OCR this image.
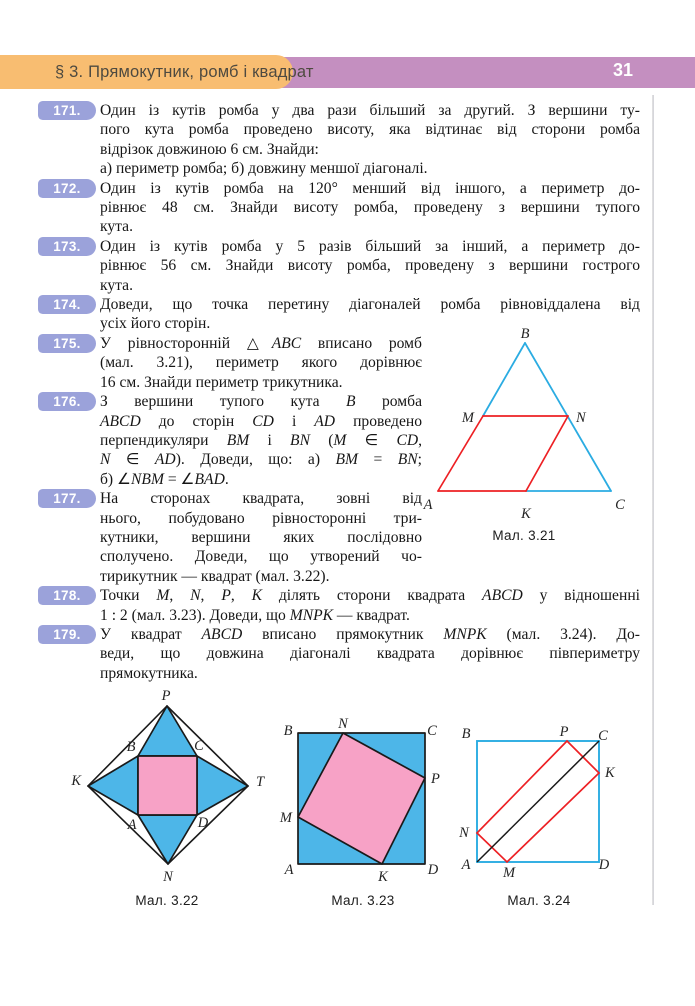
§ 3. Прямокутник, ромб і квадрат	31
171. Один із кутів ромба у два рази більший за другий. З вершини ту-
пого кута ромба проведено висоту, яка відтинає від сторони ромба
відрізок довжиною 6 см. Знайди:
а) периметр ромба; б) довжину меншої діагоналі.
172. Один із кутів ромба на 120° менший від іншого, а периметр до-
рівнює 48 см. Знайди висоту ромба, проведену з вершини тупого
кута.
173. Один із кутів ромба у 5 разів більший за інший, а периметр до-
рівнює 56 см. Знайди висоту ромба, проведену з вершини гострого
кута.
174. Доведи, що точка перетину діагоналей ромба рівновіддалена від
усіх його сторін.
175. У рівносторонній △ABC вписано ромб
(мал. 3.21), периметр якого дорівнює
16 см. Знайди периметр трикутника.
176. З вершини тупого кута B ромба
ABCD до сторін CD і AD проведено
перпендикуляри BM і BN (M ∈ CD,
N ∈ AD). Доведи, що: а) BM = BN;
б) ∠NBM = ∠BAD.
177. На сторонах квадрата, зовні від
нього, побудовано рівносторонні три-
кутники, вершини яких послідовно
сполучено. Доведи, що утворений чо-
тирикутник — квадрат (мал. 3.22).
178. Точки M, N, P, K ділять сторони квадрата ABCD у відношенні
1 : 2 (мал. 3.23). Доведи, що MNPK — квадрат.
179. У квадрат ABCD вписано прямокутник MNPK (мал. 3.24). До-
веди, що довжина діагоналі квадрата дорівнює півпериметру
прямокутника.
B
M	N
A
K
C
Мал. 3.21
P
B	C
K	T
A	D
N
Мал. 3.22
B	N	C
P
M
A	K	D
Мал. 3.23
B	P C
K
N
A M	D
Мал. 3.24
